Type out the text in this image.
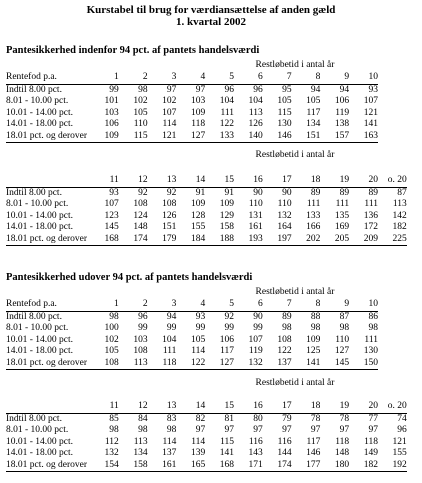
Kurstabel til brug for værdiansættelse af anden gæld
1. kvartal 2002
Pantesikkerhed indenfor 94 pct. af pantets handelsværdi
Restløbetid i antal år
Rentefod p.a.	1	2	3	4	5	6	7	8	9	10
Indtil 8.00 pct.	99	98	97	97	96	96	95	94	94	93
8.01 - 10.00 pct.	101	102	102	103	104	104	105	105	106	107
10.01 - 14.00 pct.	103	105	107	109	111	113	115	117	119	121
14.01 - 18.00 pct.	106	110	114	118	122	126	130	134	138	141
18.01 pct. og derover	109	115	121	127	133	140	146	151	157	163
Restløbetid i antal år
	11	12	13	14	15	16	17	18	19	20	o. 20
Indtil 8.00 pct.	93	92	92	91	91	90	90	89	89	89	87
8.01 - 10.00 pct.	107	108	108	109	109	110	110	111	111	111	113
10.01 - 14.00 pct.	123	124	126	128	129	131	132	133	135	136	142
14.01 - 18.00 pct.	145	148	151	155	158	161	164	166	169	172	182
18.01 pct. og derover	168	174	179	184	188	193	197	202	205	209	225
Pantesikkerhed udover 94 pct. af pantets handelsværdi
Restløbetid i antal år
Rentefod p.a.	1	2	3	4	5	6	7	8	9	10
Indtil 8.00 pct.	98	96	94	93	92	90	89	88	87	86
8.01 - 10.00 pct.	100	99	99	99	99	99	98	98	98	98
10.01 - 14.00 pct.	102	103	104	105	106	107	108	109	110	111
14.01 - 18.00 pct.	105	108	111	114	117	119	122	125	127	130
18.01 pct. og derover	108	113	118	122	127	132	137	141	145	150
Restløbetid i antal år
	11	12	13	14	15	16	17	18	19	20	o. 20
Indtil 8.00 pct.	85	84	83	82	81	80	79	78	78	77	74
8.01 - 10.00 pct.	98	98	98	97	97	97	97	97	97	97	96
10.01 - 14.00 pct.	112	113	114	114	115	116	116	117	118	118	121
14.01 - 18.00 pct.	132	134	137	139	141	143	144	146	148	149	155
18.01 pct. og derover	154	158	161	165	168	171	174	177	180	182	192
